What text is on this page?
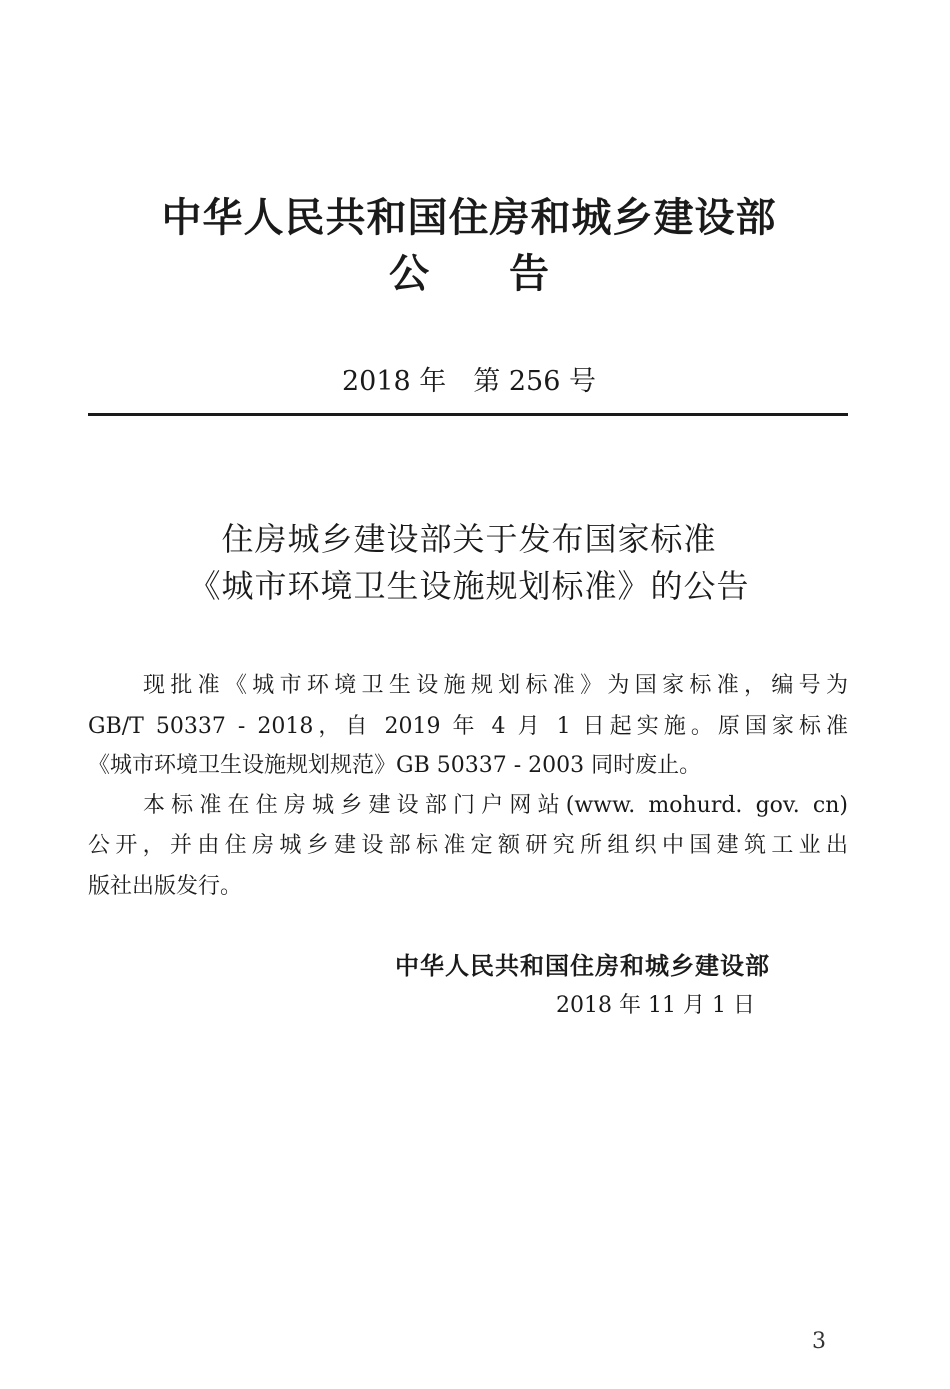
中华人民共和国住房和城乡建设部
公　　告
2018 年　第 256 号
住房城乡建设部关于发布国家标准
《城市环境卫生设施规划标准》的公告
现批准《城市环境卫生设施规划标准》为国家标准，编号为
GB/T 50337 - 2018，自 2019 年 4 月 1 日起实施。原国家标准
《城市环境卫生设施规划规范》GB 50337 - 2003 同时废止。
本标准在住房城乡建设部门户网站(www. mohurd. gov. cn)
公开，并由住房城乡建设部标准定额研究所组织中国建筑工业出
版社出版发行。
中华人民共和国住房和城乡建设部
2018 年 11 月 1 日
3
